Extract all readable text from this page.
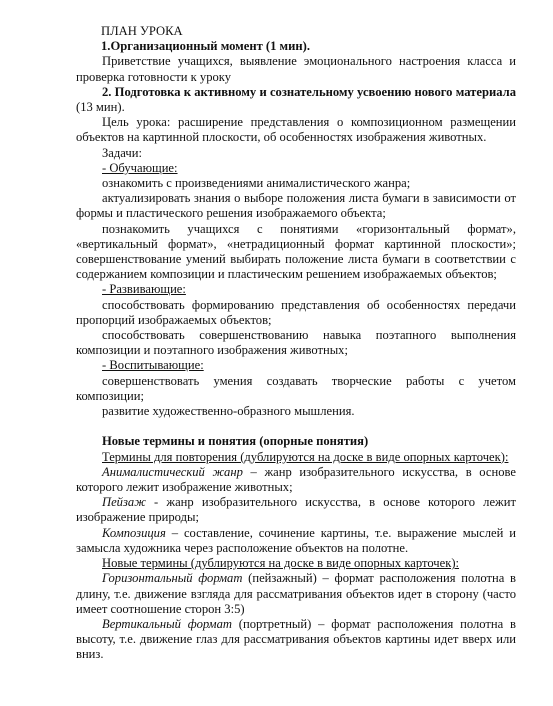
ПЛАН УРОКА

1.Организационный момент (1 мин).

Приветствие учащихся, выявление эмоционального настроения класса и проверка готовности к уроку

2. Подготовка к активному и сознательному усвоению нового материала (13 мин).

Цель урока: расширение представления о композиционном размещении объектов на картинной плоскости, об особенностях изображения животных.

Задачи:

- Обучающие:

ознакомить с произведениями анималистического жанра;

актуализировать знания о выборе положения листа бумаги в зависимости от формы и пластического решения изображаемого объекта;

познакомить учащихся с понятиями «горизонтальный формат», «вертикальный формат», «нетрадиционный формат картинной плоскости»; совершенствование умений выбирать положение листа бумаги в соответствии с содержанием композиции и пластическим решением изображаемых объектов;

- Развивающие:

способствовать формированию представления об особенностях передачи пропорций изображаемых объектов;

способствовать совершенствованию навыка поэтапного выполнения композиции и поэтапного изображения животных;

- Воспитывающие:

совершенствовать умения создавать творческие работы с учетом композиции;

развитие художественно-образного мышления.

Новые термины и понятия (опорные понятия)

Термины для повторения (дублируются на доске в виде опорных карточек):

Анималистический жанр – жанр изобразительного искусства, в основе которого лежит изображение животных;

Пейзаж - жанр изобразительного искусства, в основе которого лежит изображение природы;

Композиция – составление, сочинение картины, т.е. выражение мыслей и замысла художника через расположение объектов на полотне.

Новые термины (дублируются на доске в виде опорных карточек):

Горизонтальный формат (пейзажный) – формат расположения полотна в длину, т.е. движение взгляда для рассматривания объектов идет в сторону (часто имеет соотношение сторон 3:5)

Вертикальный формат (портретный) – формат расположения полотна в высоту, т.е. движение глаз для рассматривания объектов картины идет вверх или вниз.
